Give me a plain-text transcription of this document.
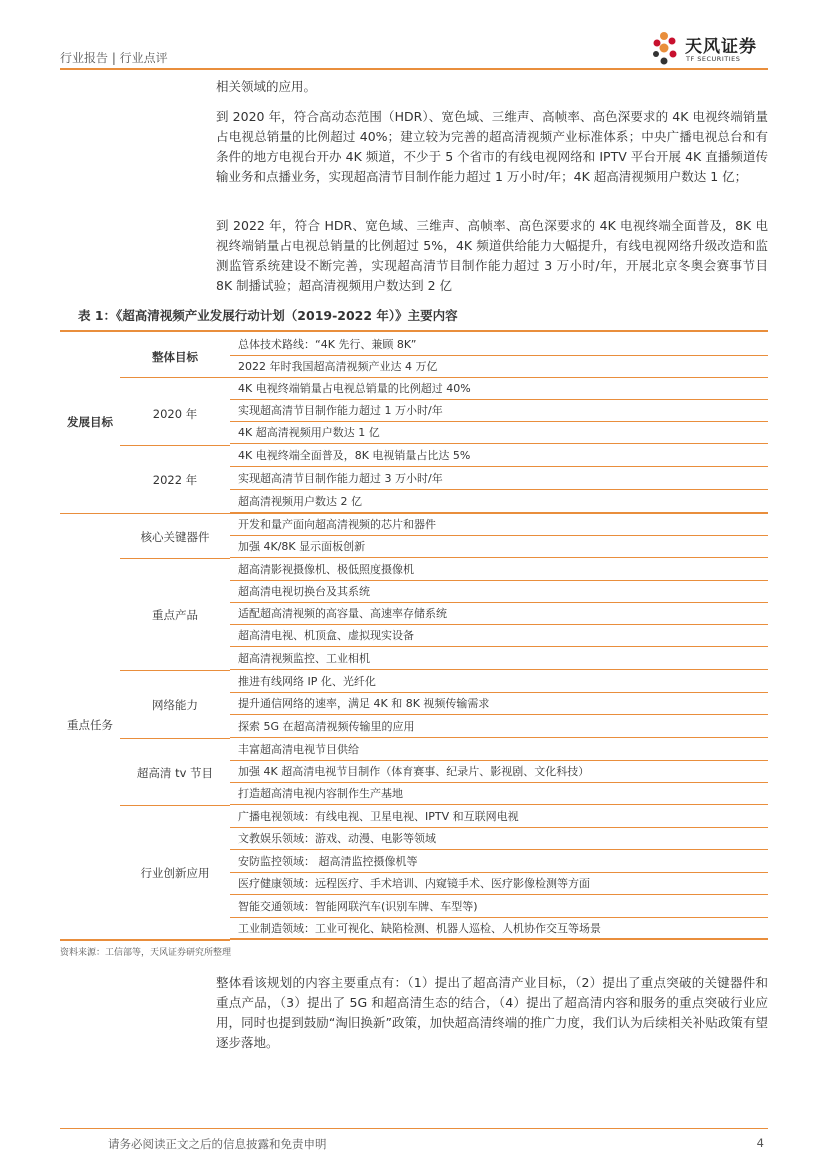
行业报告 | 行业点评
天风证券
TF SECURITIES
相关领域的应用。
到 2020 年，符合高动态范围（HDR）、宽色域、三维声、高帧率、高色深要求的 4K 电视终端销量占电视总销量的比例超过 40%；建立较为完善的超高清视频产业标准体系；中央广播电视总台和有条件的地方电视台开办 4K 频道，不少于 5 个省市的有线电视网络和 IPTV 平台开展 4K 直播频道传输业务和点播业务，实现超高清节目制作能力超过 1 万小时/年；4K 超高清视频用户数达 1 亿；
到 2022 年，符合 HDR、宽色域、三维声、高帧率、高色深要求的 4K 电视终端全面普及，8K 电视终端销量占电视总销量的比例超过 5%，4K 频道供给能力大幅提升，有线电视网络升级改造和监测监管系统建设不断完善，实现超高清节目制作能力超过 3 万小时/年，开展北京冬奥会赛事节目 8K 制播试验；超高清视频用户数达到 2 亿
表 1：《超高清视频产业发展行动计划（2019-2022 年）》主要内容
发展目标
重点任务
整体目标
2020 年
2022 年
核心关键器件
重点产品
网络能力
超高清 tv 节目
行业创新应用
总体技术路线：“4K 先行、兼顾 8K”
2022 年时我国超高清视频产业达 4 万亿
4K 电视终端销量占电视总销量的比例超过 40%
实现超高清节目制作能力超过 1 万小时/年
4K 超高清视频用户数达 1 亿
4K 电视终端全面普及，8K 电视销量占比达 5%
实现超高清节目制作能力超过 3 万小时/年
超高清视频用户数达 2 亿
开发和量产面向超高清视频的芯片和器件
加强 4K/8K 显示面板创新
超高清影视摄像机、极低照度摄像机
超高清电视切换台及其系统
适配超高清视频的高容量、高速率存储系统
超高清电视、机顶盒、虚拟现实设备
超高清视频监控、工业相机
推进有线网络 IP 化、光纤化
提升通信网络的速率，满足 4K 和 8K 视频传输需求
探索 5G 在超高清视频传输里的应用
丰富超高清电视节目供给
加强 4K 超高清电视节目制作（体育赛事、纪录片、影视剧、文化科技）
打造超高清电视内容制作生产基地
广播电视领域：有线电视、卫星电视、IPTV 和互联网电视
文教娱乐领域：游戏、动漫、电影等领域
安防监控领域： 超高清监控摄像机等
医疗健康领域：远程医疗、手术培训、内窥镜手术、医疗影像检测等方面
智能交通领域：智能网联汽车(识别车牌、车型等)
工业制造领域：工业可视化、缺陷检测、机器人巡检、人机协作交互等场景
资料来源：工信部等，天风证券研究所整理
整体看该规划的内容主要重点有：（1）提出了超高清产业目标，（2）提出了重点突破的关键器件和重点产品，（3）提出了 5G 和超高清生态的结合，（4）提出了超高清内容和服务的重点突破行业应用，同时也提到鼓励“淘旧换新”政策，加快超高清终端的推广力度，我们认为后续相关补贴政策有望逐步落地。
请务必阅读正文之后的信息披露和免责申明	4
